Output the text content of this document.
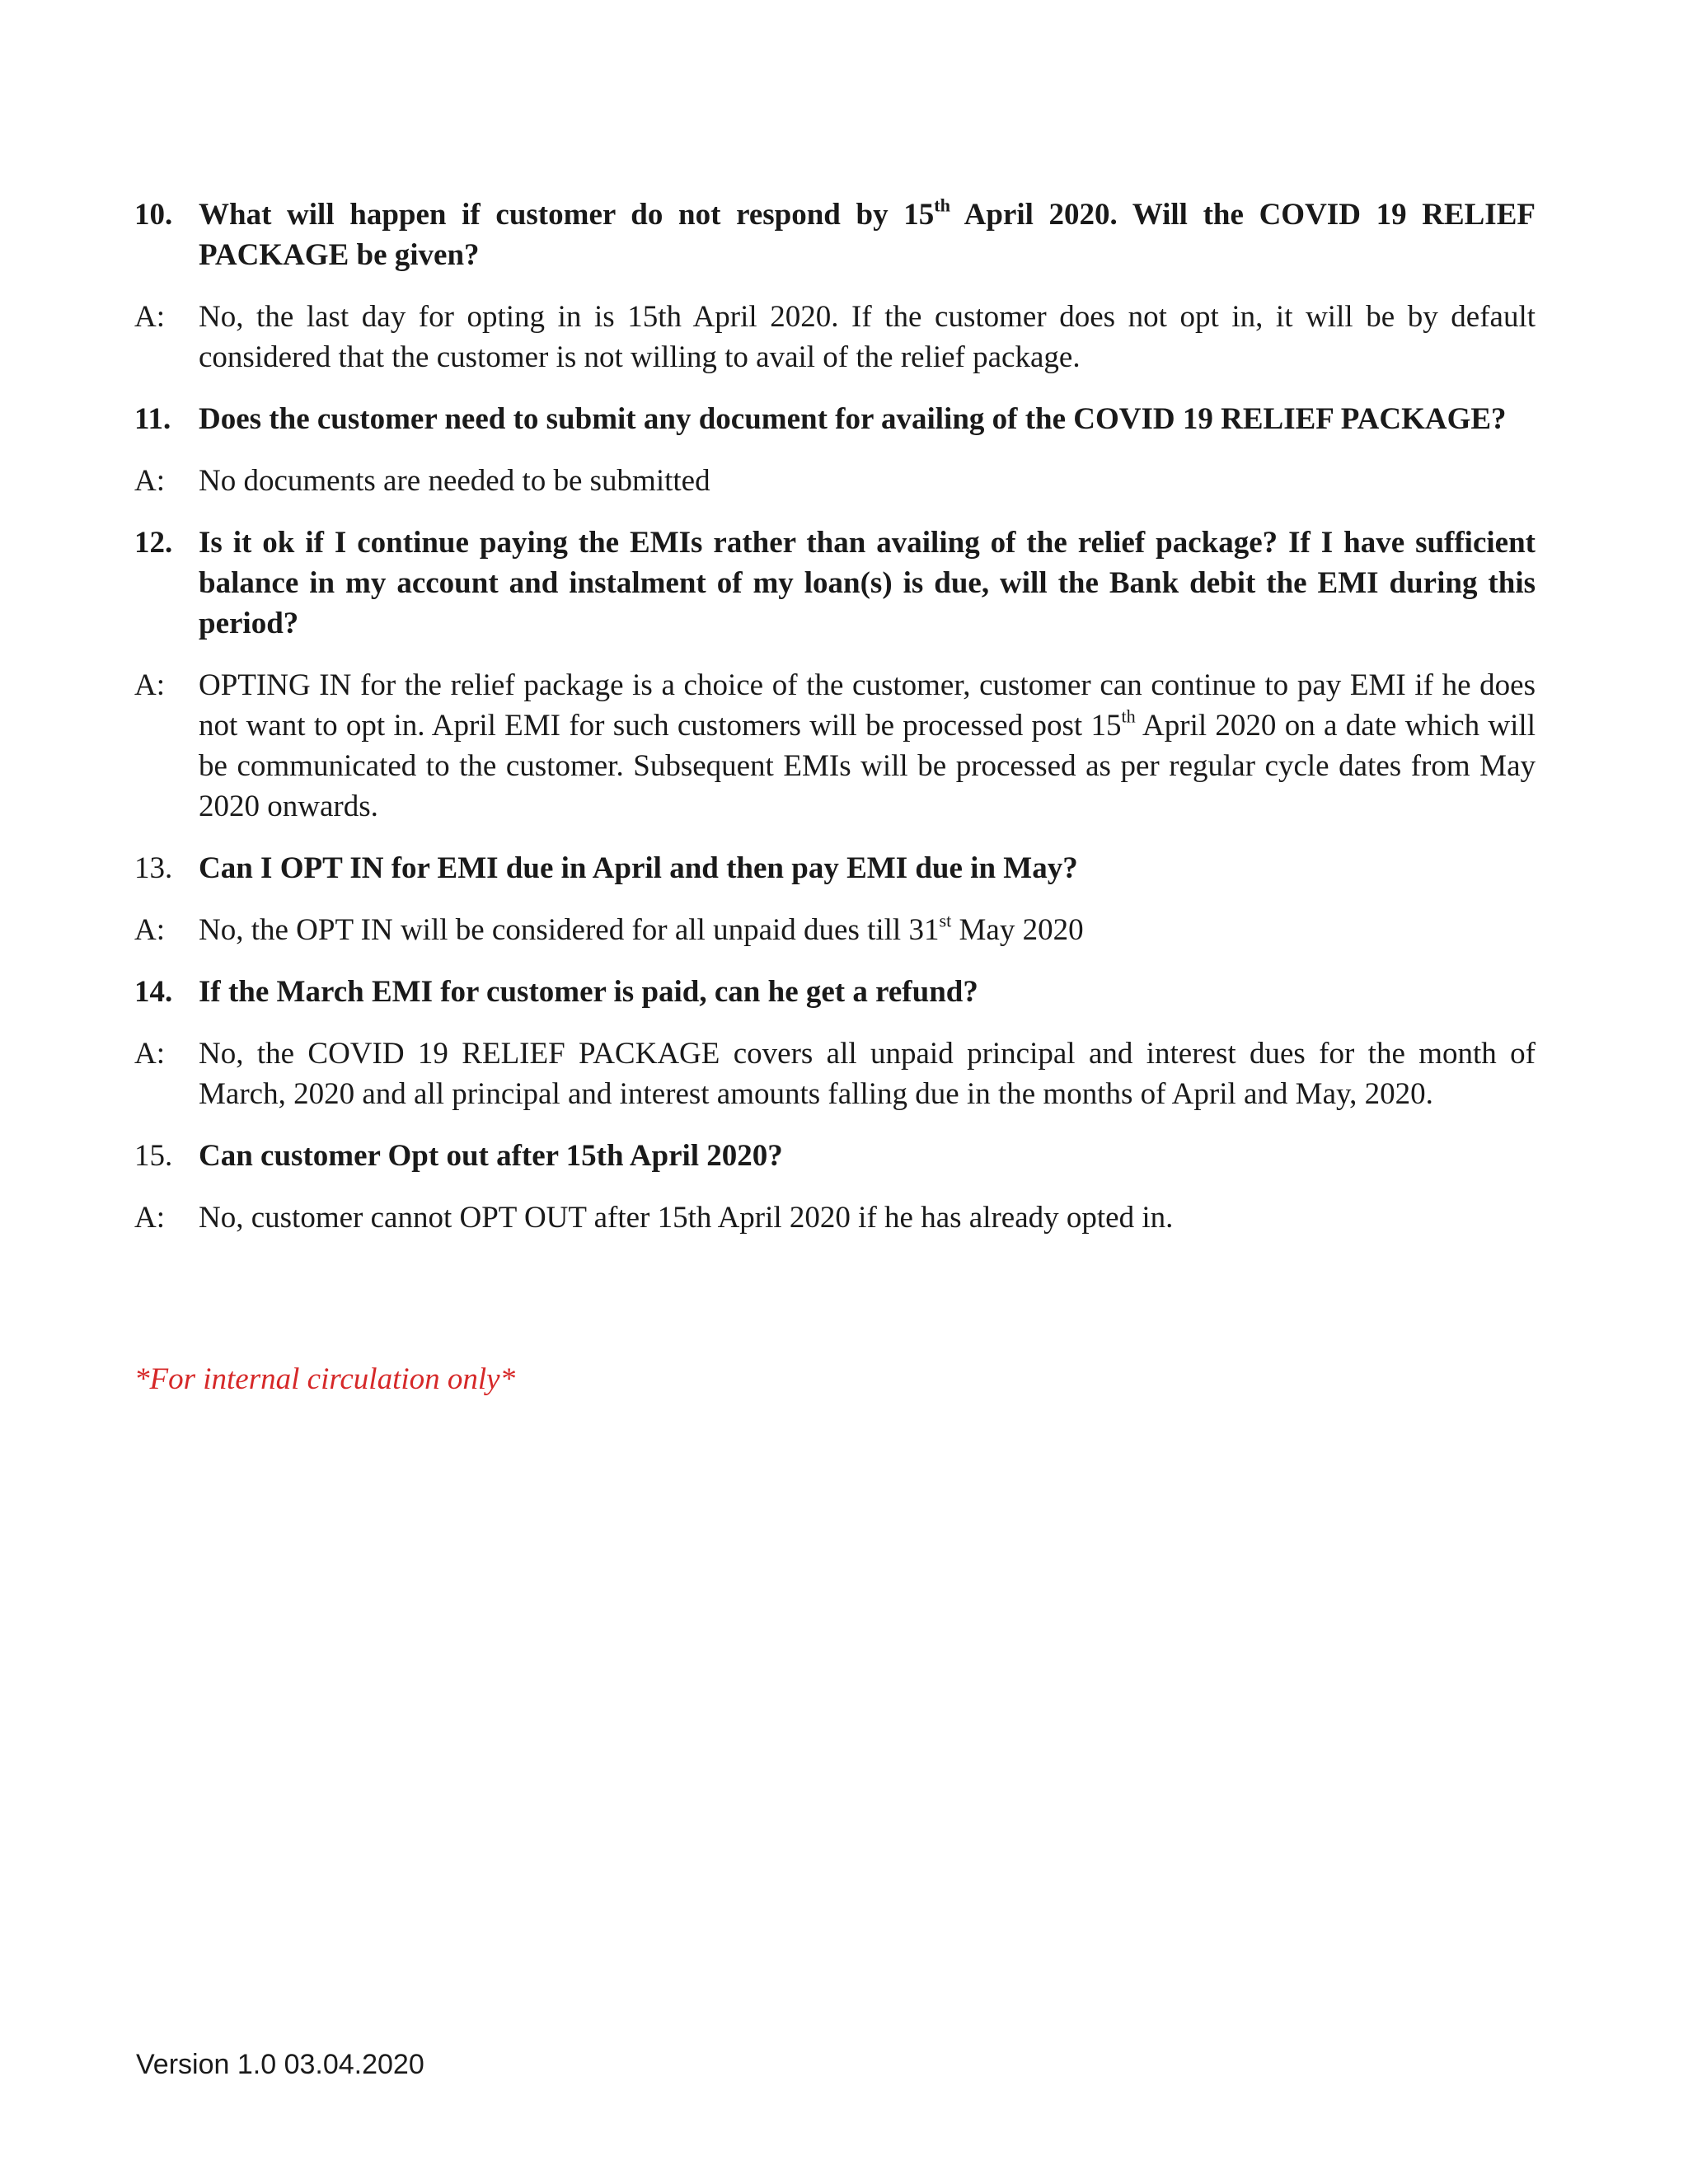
10. What will happen if customer do not respond by 15th April 2020. Will the COVID 19 RELIEF PACKAGE be given?
A:	No, the last day for opting in is 15th April 2020. If the customer does not opt in, it will be by default considered that the customer is not willing to avail of the relief package.
11. Does the customer need to submit any document for availing of the COVID 19 RELIEF PACKAGE?
A:	No documents are needed to be submitted
12. Is it ok if I continue paying the EMIs rather than availing of the relief package? If I have sufficient balance in my account and instalment of my loan(s) is due, will the Bank debit the EMI during this period?
A:	OPTING IN for the relief package is a choice of the customer, customer can continue to pay EMI if he does not want to opt in. April EMI for such customers will be processed post 15th April 2020 on a date which will be communicated to the customer. Subsequent EMIs will be processed as per regular cycle dates from May 2020 onwards.
13. Can I OPT IN for EMI due in April and then pay EMI due in May?
A:	No, the OPT IN will be considered for all unpaid dues till 31st May 2020
14. If the March EMI for customer is paid, can he get a refund?
A:	No, the COVID 19 RELIEF PACKAGE covers all unpaid principal and interest dues for the month of March, 2020 and all principal and interest amounts falling due in the months of April and May, 2020.
15. Can customer Opt out after 15th April 2020?
A:	No, customer cannot OPT OUT after 15th April 2020 if he has already opted in.
*For internal circulation only*
Version 1.0 03.04.2020
